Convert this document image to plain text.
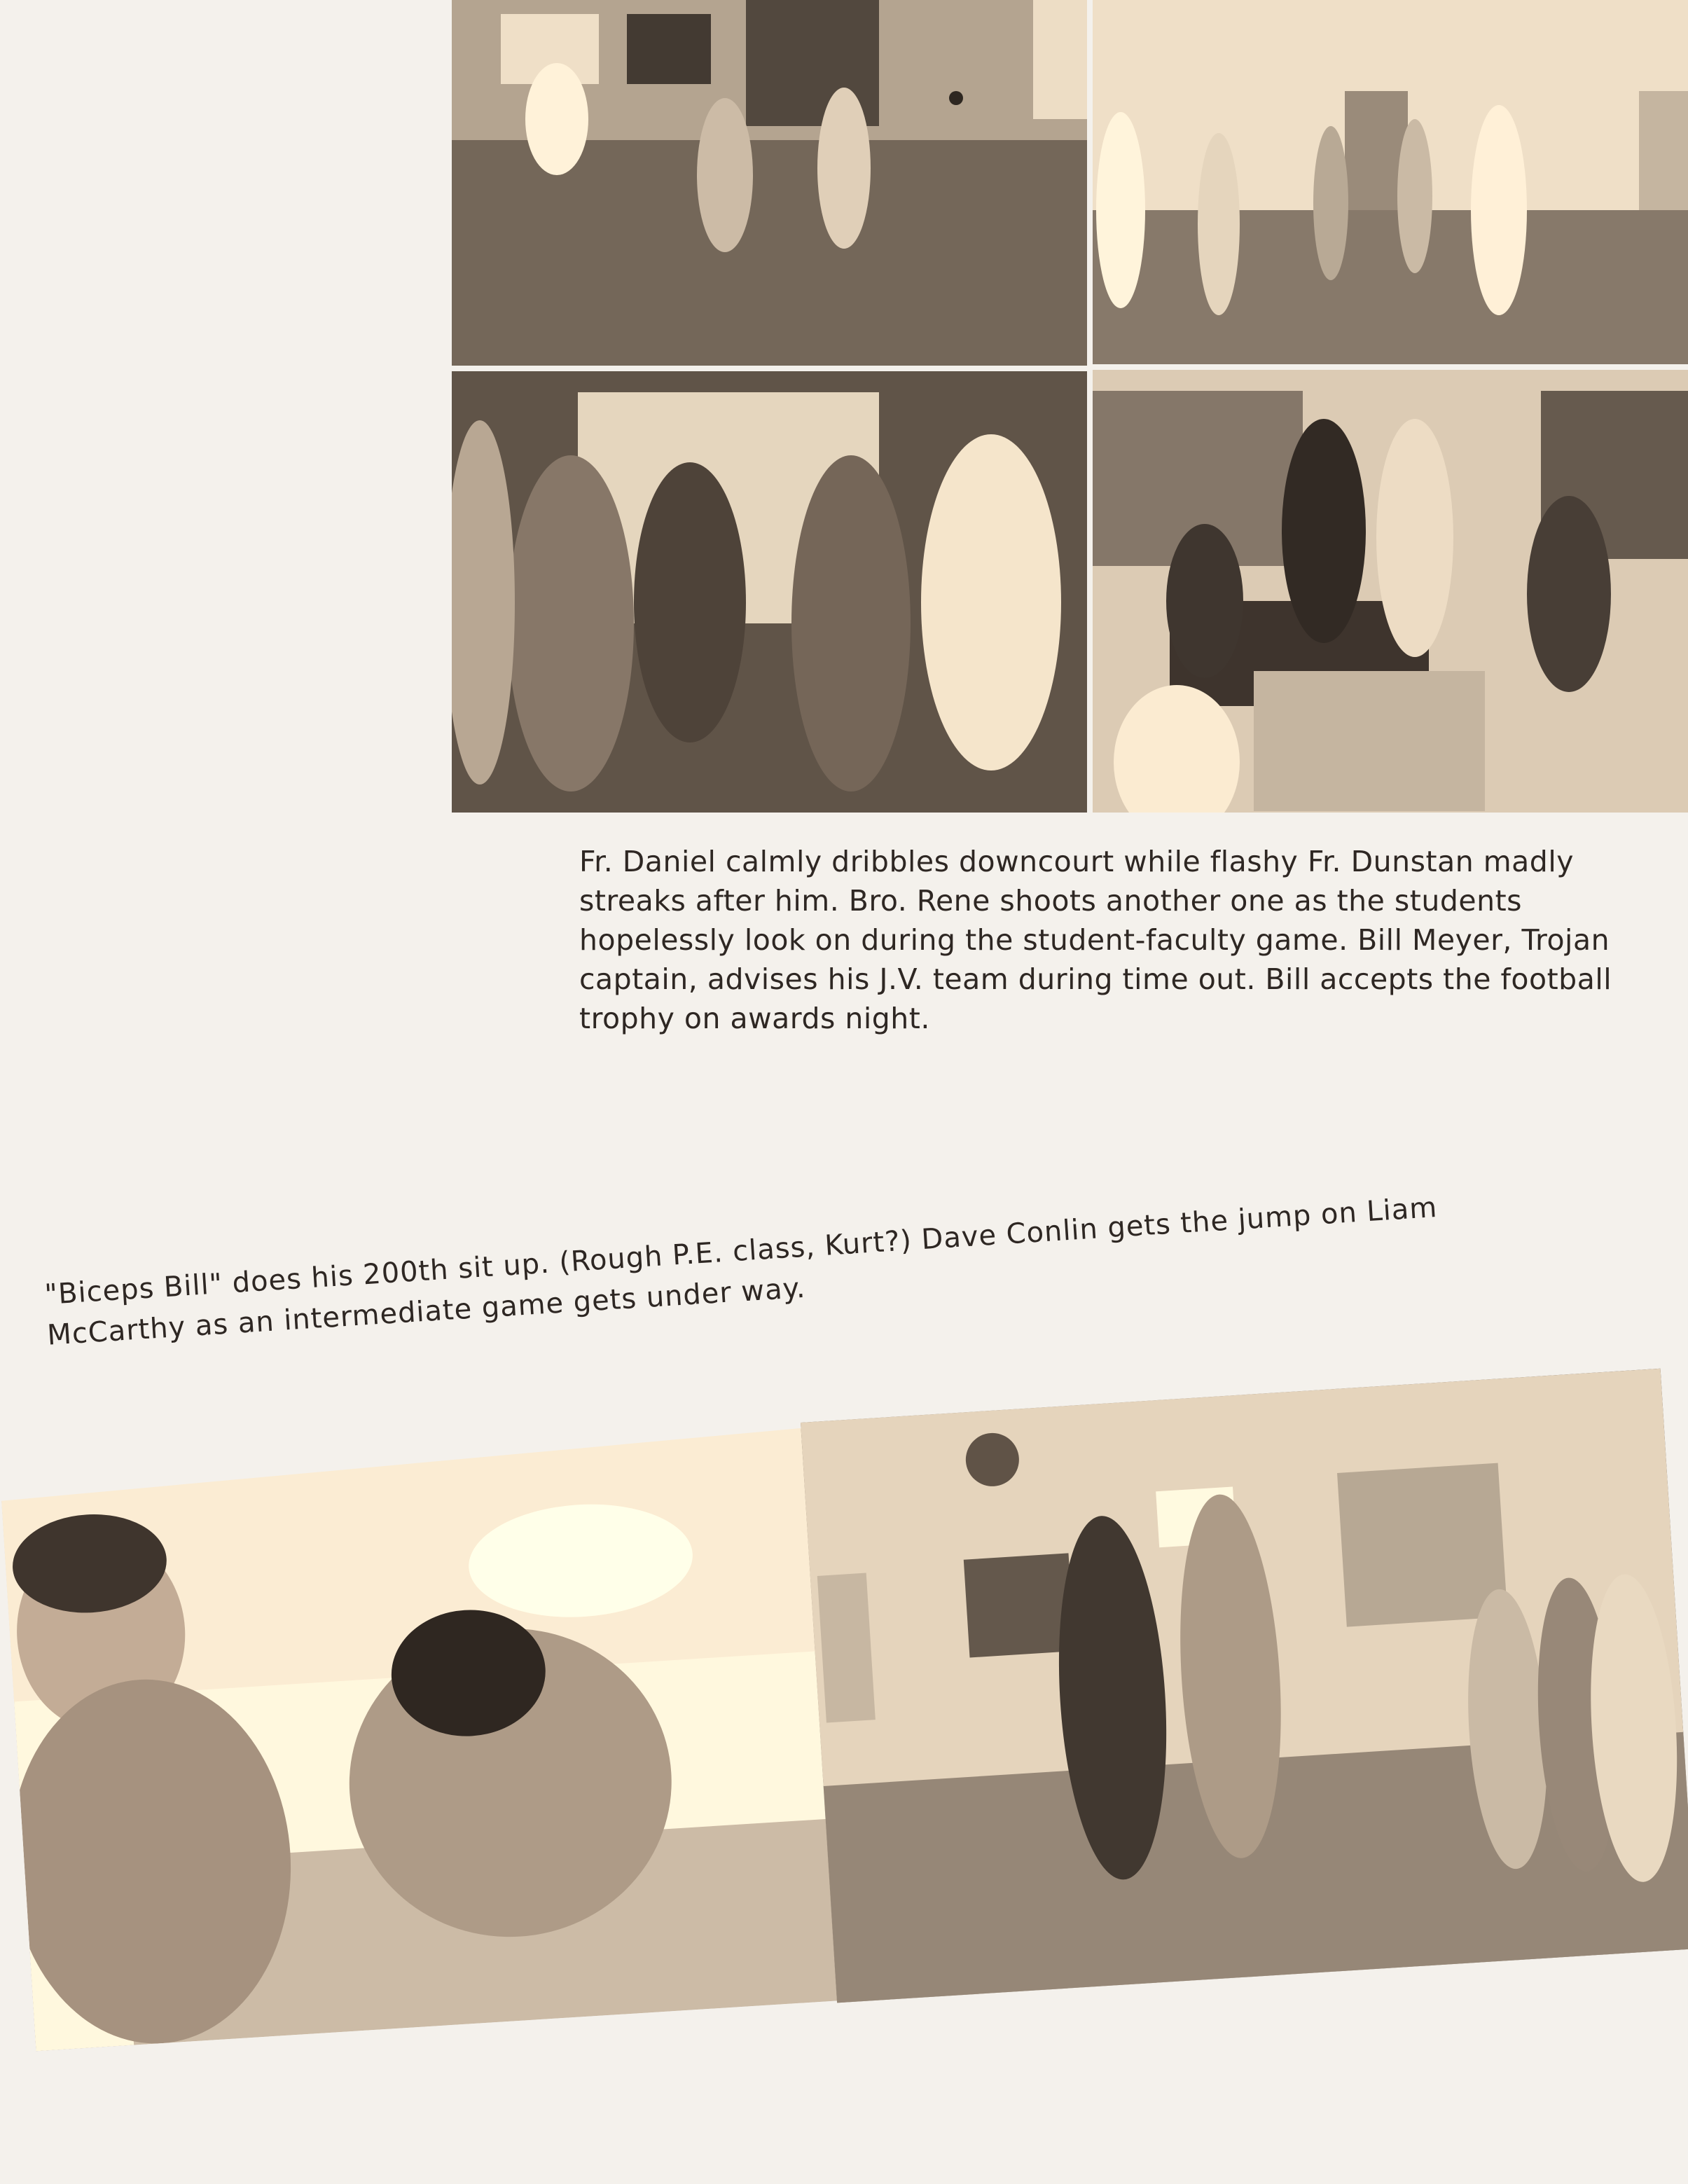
Fr. Daniel calmly dribbles downcourt while flashy Fr. Dunstan madly streaks after him. Bro. Rene shoots another one as the students hopelessly look on during the student-faculty game. Bill Meyer, Trojan captain, advises his J.V. team during time out. Bill accepts the football trophy on awards night.
"Biceps Bill" does his 200th sit up. (Rough P.E. class, Kurt?) Dave Conlin gets the jump on Liam McCarthy as an intermediate game gets under way.
